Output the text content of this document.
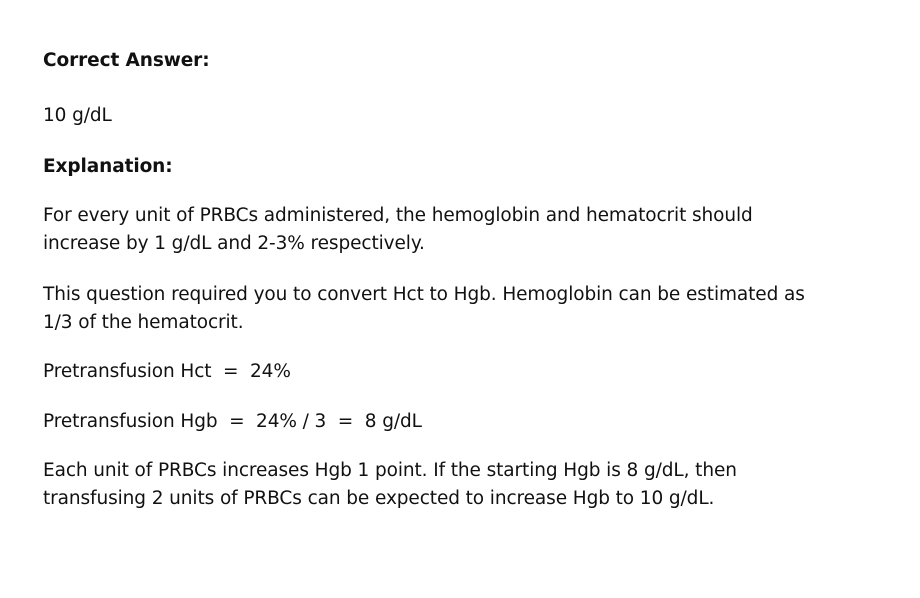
Correct Answer:
10 g/dL
Explanation:
For every unit of PRBCs administered, the hemoglobin and hematocrit should
increase by 1 g/dL and 2-3% respectively.
This question required you to convert Hct to Hgb. Hemoglobin can be estimated as
1/3 of the hematocrit.
Pretransfusion Hct  =  24%
Pretransfusion Hgb  =  24% / 3  =  8 g/dL
Each unit of PRBCs increases Hgb 1 point. If the starting Hgb is 8 g/dL, then
transfusing 2 units of PRBCs can be expected to increase Hgb to 10 g/dL.
